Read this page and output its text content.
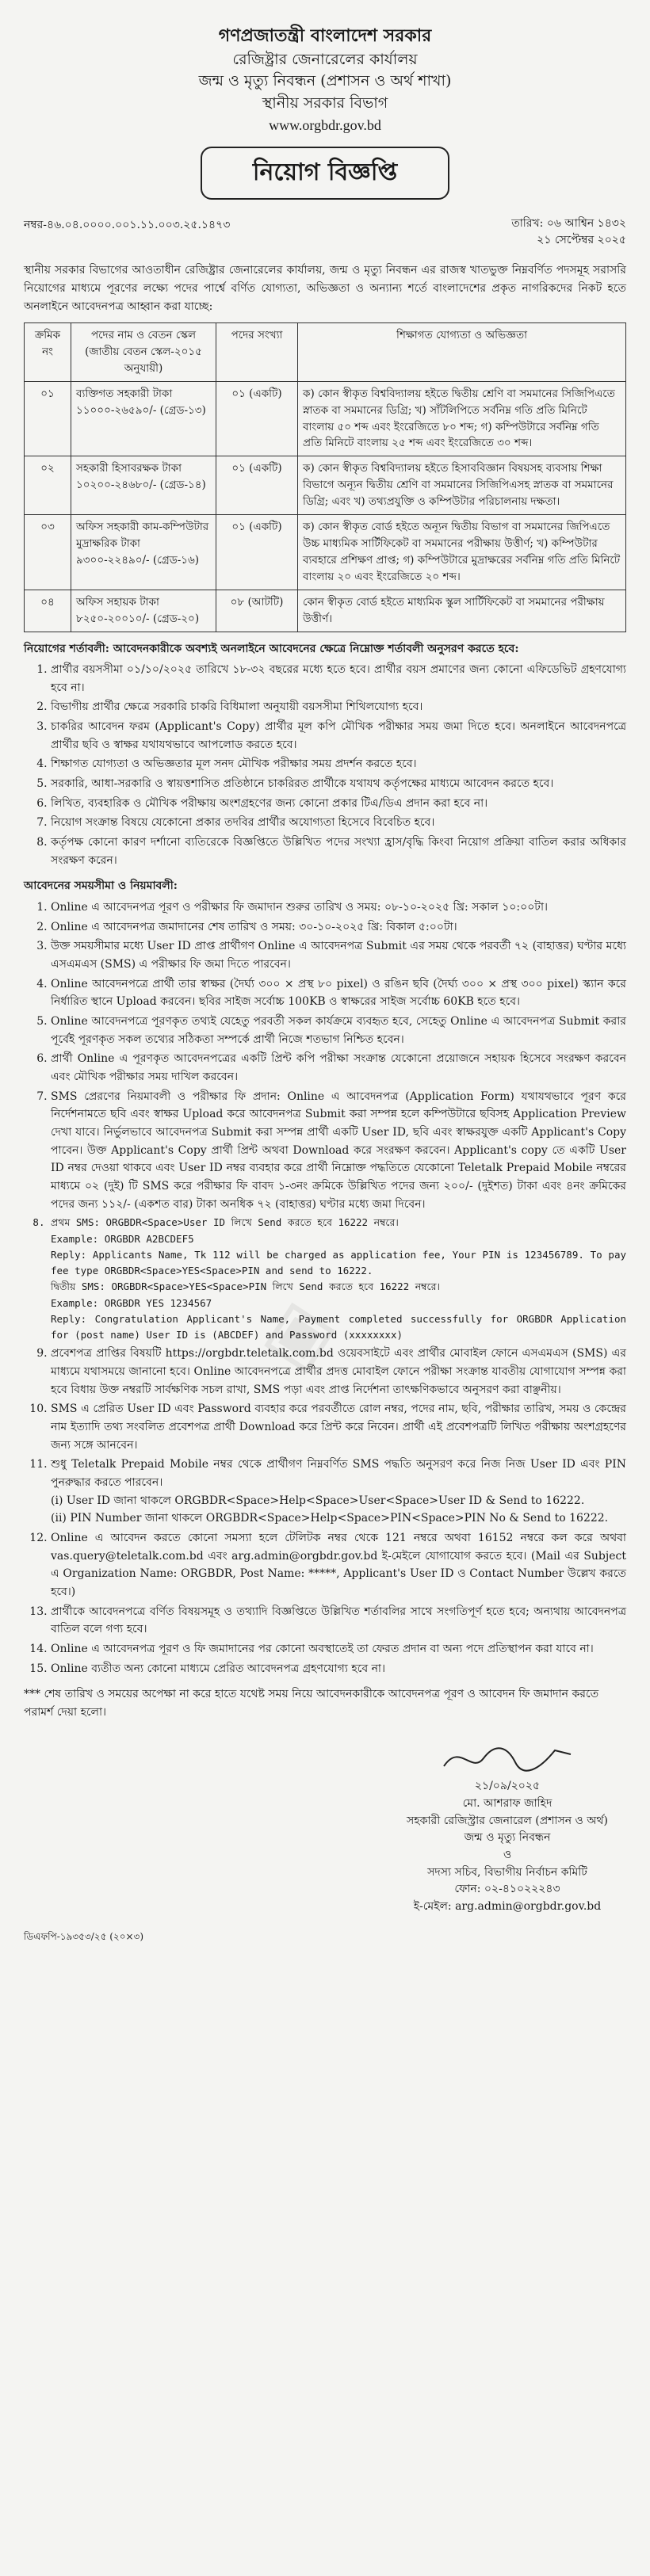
◈
গণপ্রজাতন্ত্রী বাংলাদেশ সরকার
রেজিষ্ট্রার জেনারেলের কার্যালয়
জন্ম ও মৃত্যু নিবন্ধন (প্রশাসন ও অর্থ শাখা)
স্থানীয় সরকার বিভাগ
www.orgbdr.gov.bd
নিয়োগ বিজ্ঞপ্তি
নম্বর-৪৬.০৪.০০০০.০০১.১১.০০৩.২৫.১৪৭৩	তারিখ: ০৬ আশ্বিন ১৪৩২
২১ সেপ্টেম্বর ২০২৫

স্থানীয় সরকার বিভাগের আওতাধীন রেজিষ্ট্রার জেনারেলের কার্যালয়, জন্ম ও মৃত্যু নিবন্ধন এর রাজস্ব খাতভুক্ত নিম্নবর্ণিত পদসমূহ সরাসরি নিয়োগের মাধ্যমে পূরণের লক্ষ্যে পদের পার্শ্বে বর্ণিত যোগ্যতা, অভিজ্ঞতা ও অন্যান্য শর্তে বাংলাদেশের প্রকৃত নাগরিকদের নিকট হতে অনলাইনে আবেদনপত্র আহ্বান করা যাচ্ছে:

ক্রমিক নং	পদের নাম ও বেতন স্কেল (জাতীয় বেতন স্কেল-২০১৫ অনুযায়ী)	পদের সংখ্যা	শিক্ষাগত যোগ্যতা ও অভিজ্ঞতা
০১	ব্যক্তিগত সহকারী টাকা ১১০০০-২৬৫৯০/- (গ্রেড-১৩)	০১ (একটি)	ক) কোন স্বীকৃত বিশ্ববিদ্যালয় হইতে দ্বিতীয় শ্রেণি বা সমমানের সিজিপিএতে স্নাতক বা সমমানের ডিগ্রি; খ) সাঁটলিপিতে সর্বনিম্ন গতি প্রতি মিনিটে বাংলায় ৫০ শব্দ এবং ইংরেজিতে ৮০ শব্দ; গ) কম্পিউটারে সর্বনিম্ন গতি প্রতি মিনিটে বাংলায় ২৫ শব্দ এবং ইংরেজিতে ৩০ শব্দ।
০২	সহকারী হিসাবরক্ষক টাকা ১০২০০-২৪৬৮০/- (গ্রেড-১৪)	০১ (একটি)	ক) কোন স্বীকৃত বিশ্ববিদ্যালয় হইতে হিসাববিজ্ঞান বিষয়সহ ব্যবসায় শিক্ষা বিভাগে অন্যূন দ্বিতীয় শ্রেণি বা সমমানের সিজিপিএসহ স্নাতক বা সমমানের ডিগ্রি; এবং খ) তথ্যপ্রযুক্তি ও কম্পিউটার পরিচালনায় দক্ষতা।
০৩	অফিস সহকারী কাম-কম্পিউটার মুদ্রাক্ষরিক টাকা ৯৩০০-২২৪৯০/- (গ্রেড-১৬)	০১ (একটি)	ক) কোন স্বীকৃত বোর্ড হইতে অন্যূন দ্বিতীয় বিভাগ বা সমমানের জিপিএতে উচ্চ মাধ্যমিক সার্টিফিকেট বা সমমানের পরীক্ষায় উত্তীর্ণ; খ) কম্পিউটার ব্যবহারে প্রশিক্ষণ প্রাপ্ত; গ) কম্পিউটারে মুদ্রাক্ষরের সর্বনিম্ন গতি প্রতি মিনিটে বাংলায় ২০ এবং ইংরেজিতে ২০ শব্দ।
০৪	অফিস সহায়ক টাকা ৮২৫০-২০০১০/- (গ্রেড-২০)	০৮ (আটটি)	কোন স্বীকৃত বোর্ড হইতে মাধ্যমিক স্কুল সার্টিফিকেট বা সমমানের পরীক্ষায় উত্তীর্ণ।
নিয়োগের শর্তাবলী: আবেদনকারীকে অবশ্যই অনলাইনে আবেদনের ক্ষেত্রে নিম্নোক্ত শর্তাবলী অনুসরণ করতে হবে:
1. প্রার্থীর বয়সসীমা ০১/১০/২০২৫ তারিখে ১৮-৩২ বছরের মধ্যে হতে হবে। প্রার্থীর বয়স প্রমাণের জন্য কোনো এফিডেভিট গ্রহণযোগ্য হবে না।
2. বিভাগীয় প্রার্থীর ক্ষেত্রে সরকারি চাকরি বিধিমালা অনুযায়ী বয়সসীমা শিথিলযোগ্য হবে।
3. চাকরির আবেদন ফরম (Applicant's Copy) প্রার্থীর মূল কপি মৌখিক পরীক্ষার সময় জমা দিতে হবে। অনলাইনে আবেদনপত্রে প্রার্থীর ছবি ও স্বাক্ষর যথাযথভাবে আপলোড করতে হবে।
4. শিক্ষাগত যোগ্যতা ও অভিজ্ঞতার মূল সনদ মৌখিক পরীক্ষার সময় প্রদর্শন করতে হবে।
5. সরকারি, আধা-সরকারি ও স্বায়ত্তশাসিত প্রতিষ্ঠানে চাকরিরত প্রার্থীকে যথাযথ কর্তৃপক্ষের মাধ্যমে আবেদন করতে হবে।
6. লিখিত, ব্যবহারিক ও মৌখিক পরীক্ষায় অংশগ্রহণের জন্য কোনো প্রকার টিএ/ডিএ প্রদান করা হবে না।
7. নিয়োগ সংক্রান্ত বিষয়ে যেকোনো প্রকার তদবির প্রার্থীর অযোগ্যতা হিসেবে বিবেচিত হবে।
8. কর্তৃপক্ষ কোনো কারণ দর্শানো ব্যতিরেকে বিজ্ঞপ্তিতে উল্লিখিত পদের সংখ্যা হ্রাস/বৃদ্ধি কিংবা নিয়োগ প্রক্রিয়া বাতিল করার অধিকার সংরক্ষণ করেন।
আবেদনের সময়সীমা ও নিয়মাবলী:
1. Online এ আবেদনপত্র পূরণ ও পরীক্ষার ফি জমাদান শুরুর তারিখ ও সময়: ০৮-১০-২০২৫ খ্রি: সকাল ১০:০০টা।
2. Online এ আবেদনপত্র জমাদানের শেষ তারিখ ও সময়: ৩০-১০-২০২৫ খ্রি: বিকাল ৫:০০টা।
3. উক্ত সময়সীমার মধ্যে User ID প্রাপ্ত প্রার্থীগণ Online এ আবেদনপত্র Submit এর সময় থেকে পরবর্তী ৭২ (বাহাত্তর) ঘণ্টার মধ্যে এসএমএস (SMS) এ পরীক্ষার ফি জমা দিতে পারবেন।
4. Online আবেদনপত্রে প্রার্থী তার স্বাক্ষর (দৈর্ঘ্য ৩০০ × প্রস্থ ৮০ pixel) ও রঙিন ছবি (দৈর্ঘ্য ৩০০ × প্রস্থ ৩০০ pixel) স্ক্যান করে নির্ধারিত স্থানে Upload করবেন। ছবির সাইজ সর্বোচ্চ 100KB ও স্বাক্ষরের সাইজ সর্বোচ্চ 60KB হতে হবে।
5. Online আবেদনপত্রে পূরণকৃত তথ্যই যেহেতু পরবর্তী সকল কার্যক্রমে ব্যবহৃত হবে, সেহেতু Online এ আবেদনপত্র Submit করার পূর্বেই পূরণকৃত সকল তথ্যের সঠিকতা সম্পর্কে প্রার্থী নিজে শতভাগ নিশ্চিত হবেন।
6. প্রার্থী Online এ পূরণকৃত আবেদনপত্রের একটি প্রিন্ট কপি পরীক্ষা সংক্রান্ত যেকোনো প্রয়োজনে সহায়ক হিসেবে সংরক্ষণ করবেন এবং মৌখিক পরীক্ষার সময় দাখিল করবেন।
7. SMS প্রেরণের নিয়মাবলী ও পরীক্ষার ফি প্রদান: Online এ আবেদনপত্র (Application Form) যথাযথভাবে পূরণ করে নির্দেশনামতে ছবি এবং স্বাক্ষর Upload করে আবেদনপত্র Submit করা সম্পন্ন হলে কম্পিউটারে ছবিসহ Application Preview দেখা যাবে। নির্ভুলভাবে আবেদনপত্র Submit করা সম্পন্ন প্রার্থী একটি User ID, ছবি এবং স্বাক্ষরযুক্ত একটি Applicant's Copy পাবেন। উক্ত Applicant's Copy প্রার্থী প্রিন্ট অথবা Download করে সংরক্ষণ করবেন। Applicant's copy তে একটি User ID নম্বর দেওয়া থাকবে এবং User ID নম্বর ব্যবহার করে প্রার্থী নিম্নোক্ত পদ্ধতিতে যেকোনো Teletalk Prepaid Mobile নম্বরের মাধ্যমে ০২ (দুই) টি SMS করে পরীক্ষার ফি বাবদ ১-৩নং ক্রমিকে উল্লিখিত পদের জন্য ২০০/- (দুইশত) টাকা এবং ৪নং ক্রমিকের পদের জন্য ১১২/- (একশত বার) টাকা অনধিক ৭২ (বাহাত্তর) ঘণ্টার মধ্যে জমা দিবেন।
8. প্রথম SMS: ORGBDR<Space>User ID লিখে Send করতে হবে 16222 নম্বরে।
Example: ORGBDR A2BCDEF5
Reply: Applicants Name, Tk 112 will be charged as application fee, Your PIN is 123456789. To pay fee type ORGBDR<Space>YES<Space>PIN and send to 16222.
দ্বিতীয় SMS: ORGBDR<Space>YES<Space>PIN লিখে Send করতে হবে 16222 নম্বরে।
Example: ORGBDR YES 1234567
Reply: Congratulation Applicant's Name, Payment completed successfully for ORGBDR Application for (post name) User ID is (ABCDEF) and Password (xxxxxxxx)
9. প্রবেশপত্র প্রাপ্তির বিষয়টি https://orgbdr.teletalk.com.bd ওয়েবসাইটে এবং প্রার্থীর মোবাইল ফোনে এসএমএস (SMS) এর মাধ্যমে যথাসময়ে জানানো হবে। Online আবেদনপত্রে প্রার্থীর প্রদত্ত মোবাইল ফোনে পরীক্ষা সংক্রান্ত যাবতীয় যোগাযোগ সম্পন্ন করা হবে বিধায় উক্ত নম্বরটি সার্বক্ষণিক সচল রাখা, SMS পড়া এবং প্রাপ্ত নির্দেশনা তাৎক্ষণিকভাবে অনুসরণ করা বাঞ্ছনীয়।
10. SMS এ প্রেরিত User ID এবং Password ব্যবহার করে পরবর্তীতে রোল নম্বর, পদের নাম, ছবি, পরীক্ষার তারিখ, সময় ও কেন্দ্রের নাম ইত্যাদি তথ্য সংবলিত প্রবেশপত্র প্রার্থী Download করে প্রিন্ট করে নিবেন। প্রার্থী এই প্রবেশপত্রটি লিখিত পরীক্ষায় অংশগ্রহণের জন্য সঙ্গে আনবেন।
11. শুধু Teletalk Prepaid Mobile নম্বর থেকে প্রার্থীগণ নিম্নবর্ণিত SMS পদ্ধতি অনুসরণ করে নিজ নিজ User ID এবং PIN পুনরুদ্ধার করতে পারবেন।
(i) User ID জানা থাকলে ORGBDR<Space>Help<Space>User<Space>User ID & Send to 16222.
(ii) PIN Number জানা থাকলে ORGBDR<Space>Help<Space>PIN<Space>PIN No & Send to 16222.
12. Online এ আবেদন করতে কোনো সমস্যা হলে টেলিটক নম্বর থেকে 121 নম্বরে অথবা 16152 নম্বরে কল করে অথবা vas.query@teletalk.com.bd এবং arg.admin@orgbdr.gov.bd ই-মেইলে যোগাযোগ করতে হবে। (Mail এর Subject এ Organization Name: ORGBDR, Post Name: *****, Applicant's User ID ও Contact Number উল্লেখ করতে হবে।)
13. প্রার্থীকে আবেদনপত্রে বর্ণিত বিষয়সমূহ ও তথ্যাদি বিজ্ঞপ্তিতে উল্লিখিত শর্তাবলির সাথে সংগতিপূর্ণ হতে হবে; অন্যথায় আবেদনপত্র বাতিল বলে গণ্য হবে।
14. Online এ আবেদনপত্র পূরণ ও ফি জমাদানের পর কোনো অবস্থাতেই তা ফেরত প্রদান বা অন্য পদে প্রতিস্থাপন করা যাবে না।
15. Online ব্যতীত অন্য কোনো মাধ্যমে প্রেরিত আবেদনপত্র গ্রহণযোগ্য হবে না।

*** শেষ তারিখ ও সময়ের অপেক্ষা না করে হাতে যথেষ্ট সময় নিয়ে আবেদনকারীকে আবেদনপত্র পূরণ ও আবেদন ফি জমাদান করতে পরামর্শ দেয়া হলো।

২১/০৯/২০২৫
মো. আশরাফ জাহিদ
সহকারী রেজিস্ট্রার জেনারেল (প্রশাসন ও অর্থ)
জন্ম ও মৃত্যু নিবন্ধন
ও
সদস্য সচিব, বিভাগীয় নির্বাচন কমিটি
ফোন: ০২-৪১০২২২৪৩
ই-মেইল: arg.admin@orgbdr.gov.bd
ডিএফপি-১৯৩৫৩/২৫ (২০×৩)
